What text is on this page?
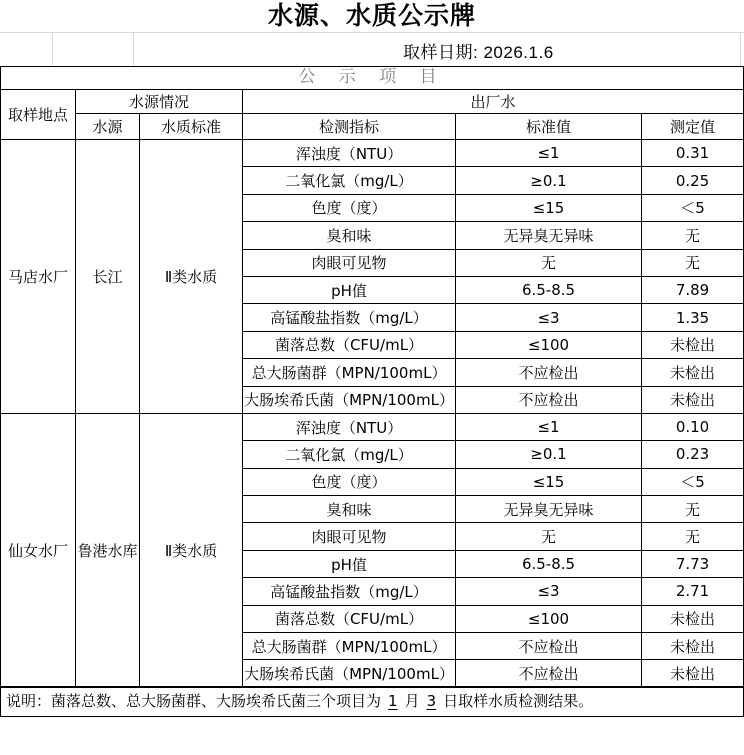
水源、水质公示牌
取样日期: 2026.1.6
公 示 项 目
取样地点	水源情况		出厂水		
	水源	水质标准	检测指标	标准值	测定值
马店水厂	长江	Ⅱ类水质	浑浊度（NTU）	≤1	0.31
			二氧化氯（mg/L）	≥0.1	0.25
			色度（度）	≤15	＜5
			臭和味	无异臭无异味	无
			肉眼可见物	无	无
			pH值	6.5-8.5	7.89
			高锰酸盐指数（mg/L）	≤3	1.35
			菌落总数（CFU/mL）	≤100	未检出
			总大肠菌群（MPN/100mL）	不应检出	未检出
			大肠埃希氏菌（MPN/100mL）	不应检出	未检出
仙女水厂	鲁港水库	Ⅱ类水质	浑浊度（NTU）	≤1	0.10
			二氧化氯（mg/L）	≥0.1	0.23
			色度（度）	≤15	＜5
			臭和味	无异臭无异味	无
			肉眼可见物	无	无
			pH值	6.5-8.5	7.73
			高锰酸盐指数（mg/L）	≤3	2.71
			菌落总数（CFU/mL）	≤100	未检出
			总大肠菌群（MPN/100mL）	不应检出	未检出
			大肠埃希氏菌（MPN/100mL）	不应检出	未检出
说明：菌落总数、总大肠菌群、大肠埃希氏菌三个项目为 1 月 3 日取样水质检测结果。
